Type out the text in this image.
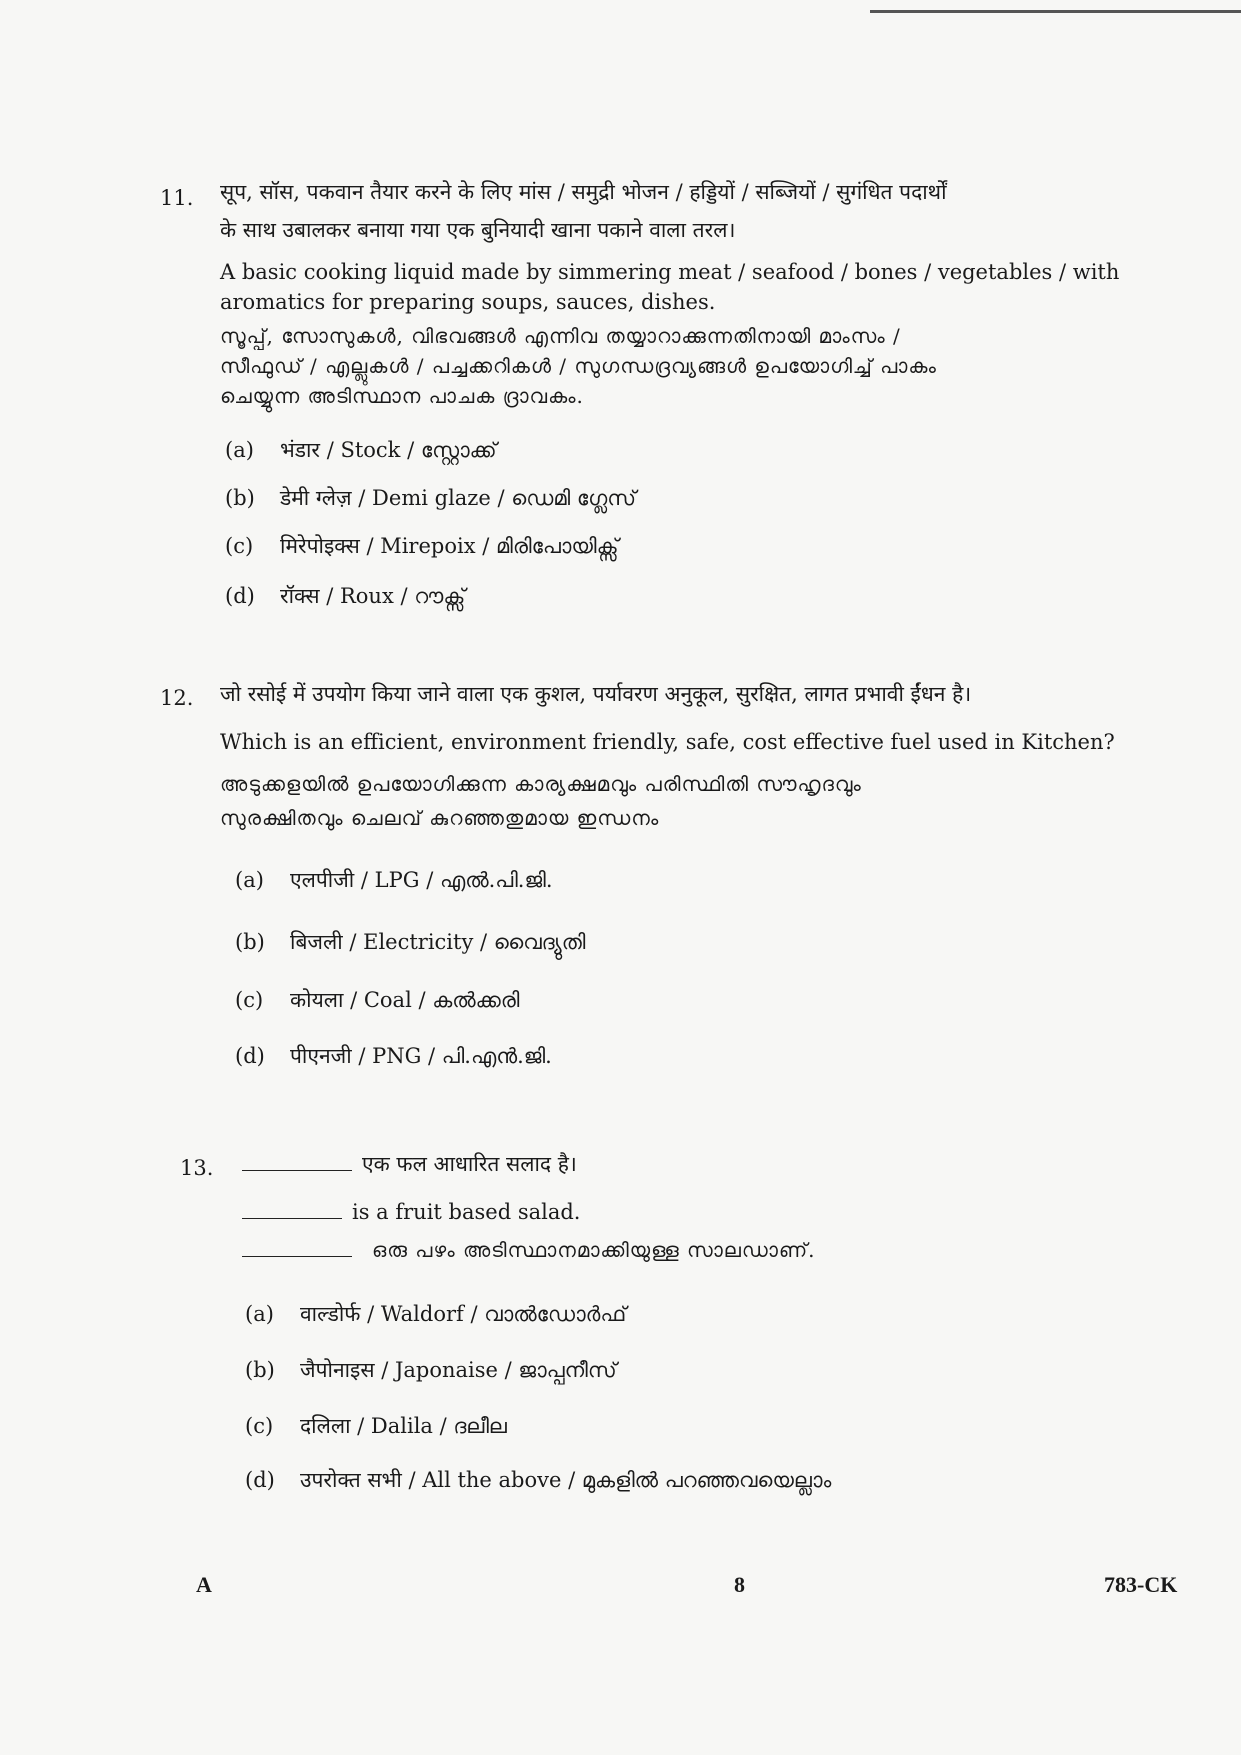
11. सूप, सॉस, पकवान तैयार करने के लिए मांस / समुद्री भोजन / हड्डियों / सब्जियों / सुगंधित पदार्थों
के साथ उबालकर बनाया गया एक बुनियादी खाना पकाने वाला तरल।
A basic cooking liquid made by simmering meat / seafood / bones / vegetables / with
aromatics for preparing soups, sauces, dishes.
സൂപ്പ്, സോസുകൾ, വിഭവങ്ങൾ എന്നിവ തയ്യാറാക്കുന്നതിനായി മാംസം /
സീഫുഡ് / എല്ലുകൾ / പച്ചക്കറികൾ / സുഗന്ധദ്രവ്യങ്ങൾ ഉപയോഗിച്ച് പാകം
ചെയ്യുന്ന അടിസ്ഥാന പാചക ദ്രാവകം.
(a) भंडार / Stock / സ്റ്റോക്ക്
(b) डेमी ग्लेज़ / Demi glaze / ഡെമി ഗ്ലേസ്
(c) मिरेपोइक्स / Mirepoix / മിരിപോയിക്സ്
(d) रॉक्स / Roux / റൗക്സ്
12. जो रसोई में उपयोग किया जाने वाला एक कुशल, पर्यावरण अनुकूल, सुरक्षित, लागत प्रभावी ईंधन है।
Which is an efficient, environment friendly, safe, cost effective fuel used in Kitchen?
അടുക്കളയിൽ ഉപയോഗിക്കുന്ന കാര്യക്ഷമവും പരിസ്ഥിതി സൗഹൃദവും
സുരക്ഷിതവും ചെലവ് കുറഞ്ഞതുമായ ഇന്ധനം
(a) एलपीजी / LPG / എൽ.പി.ജി.
(b) बिजली / Electricity / വൈദ്യുതി
(c) कोयला / Coal / കൽക്കരി
(d) पीएनजी / PNG / പി.എൻ.ജി.
13.	एक फल आधारित सलाद है।
is a fruit based salad.
ഒരു പഴം അടിസ്ഥാനമാക്കിയുള്ള സാലഡാണ്.
(a) वाल्डोर्फ / Waldorf / വാൽഡോർഫ്
(b) जैपोनाइस / Japonaise / ജാപ്പനീസ്
(c) दलिला / Dalila / ദലീല
(d) उपरोक्त सभी / All the above / മുകളിൽ പറഞ്ഞവയെല്ലാം
A	8	783-CK
